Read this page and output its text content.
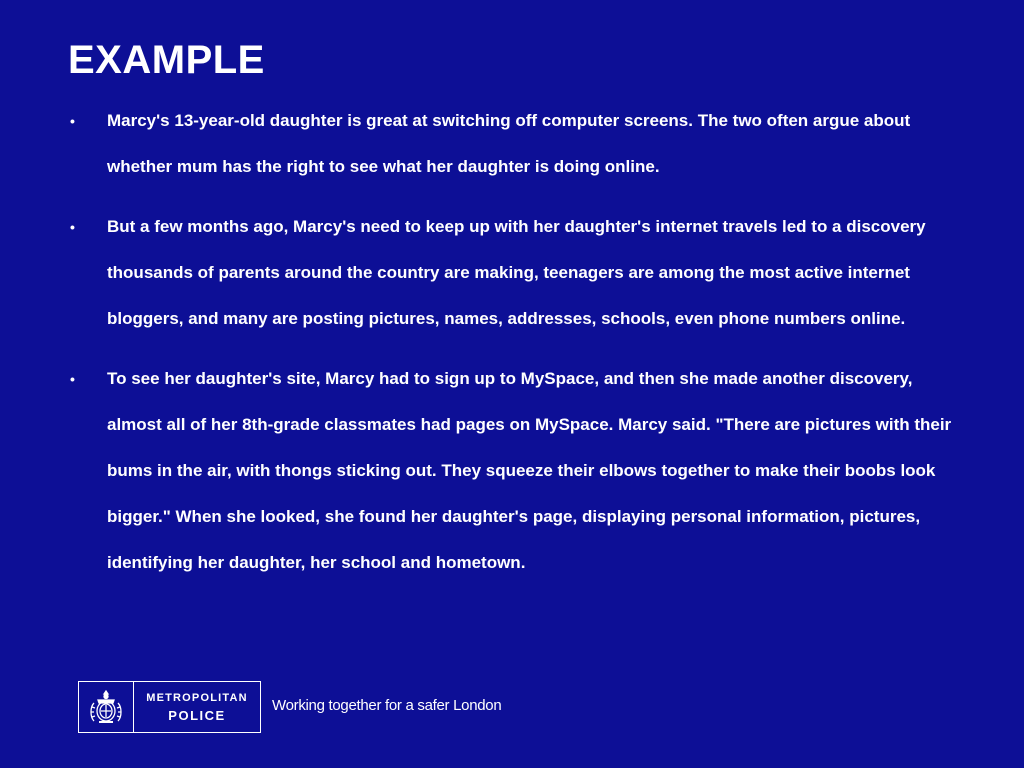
EXAMPLE
• Marcy's 13-year-old daughter is great at switching off computer screens. The two often argue about whether mum has the right to see what her daughter is doing online.
• But a few months ago, Marcy's need to keep up with her daughter's internet travels led to a discovery thousands of parents around the country are making, teenagers are among the most active internet bloggers, and many are posting pictures, names, addresses, schools, even phone numbers online.
• To see her daughter's site, Marcy had to sign up to MySpace, and then she made another discovery, almost all of her 8th-grade classmates had pages on MySpace. Marcy said. "There are pictures with their bums in the air, with thongs sticking out. They squeeze their elbows together to make their boobs look bigger." When she looked, she found her daughter's page, displaying personal information, pictures, identifying her daughter, her school and hometown.
METROPOLITAN
POLICE
Working together for a safer London
